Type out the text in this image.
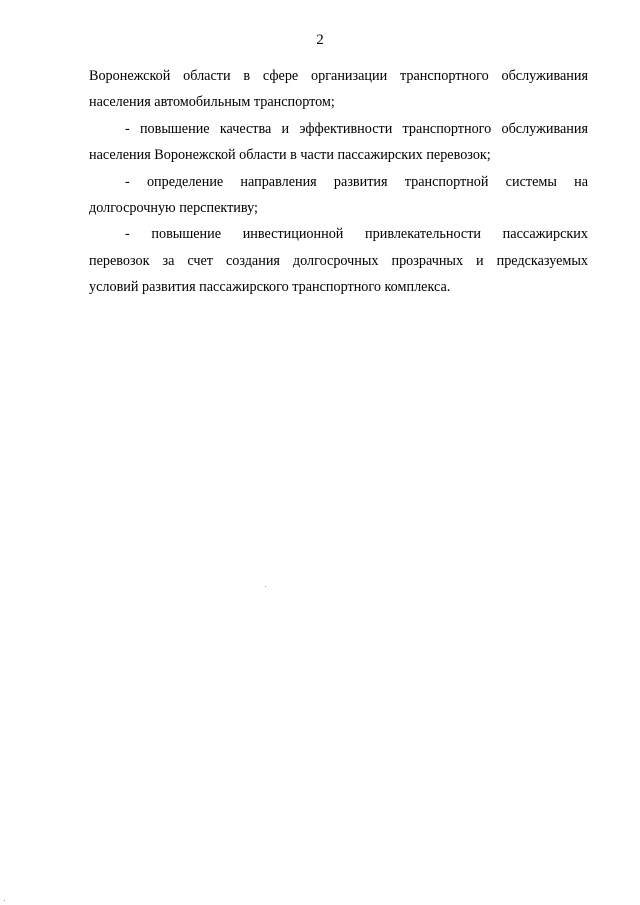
2
Воронежской области в сфере организации транспортного обслуживания
населения автомобильным транспортом;
- повышение качества и эффективности транспортного обслуживания
населения Воронежской области в части пассажирских перевозок;
- определение направления развития транспортной системы на
долгосрочную перспективу;
- повышение инвестиционной привлекательности пассажирских
перевозок за счет создания долгосрочных прозрачных и предсказуемых
условий развития пассажирского транспортного комплекса.
